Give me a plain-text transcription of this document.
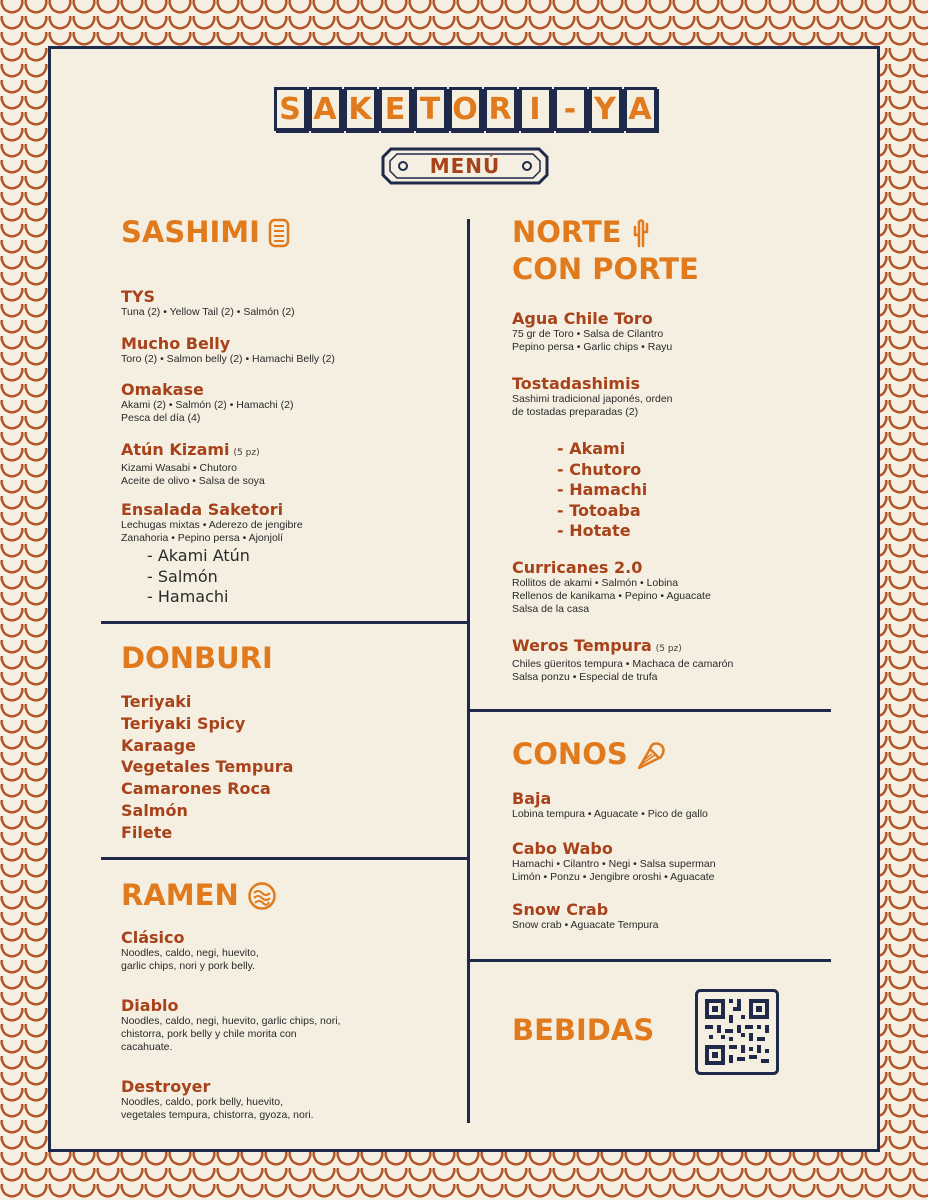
S A K E T O R I - Y A
MENÚ
SASHIMI
TYS
Tuna (2) • Yellow Tail (2) • Salmón (2)
Mucho Belly
Toro (2) • Salmon belly (2) • Hamachi Belly (2)
Omakase
Akami (2) • Salmón (2) • Hamachi (2)
Pesca del día (4)
Atún Kizami (5 pz)
Kizami Wasabi • Chutoro
Aceite de olivo • Salsa de soya
Ensalada Saketori
Lechugas mixtas • Aderezo de jengibre
Zanahoria • Pepino persa • Ajonjolí
- Akami Atún
- Salmón
- Hamachi
DONBURI
Teriyaki
Teriyaki Spicy
Karaage
Vegetales Tempura
Camarones Roca
Salmón
Filete
RAMEN
Clásico
Noodles, caldo, negi, huevito,
garlic chips, nori y pork belly.
Diablo
Noodles, caldo, negi, huevito, garlic chips, nori,
chistorra, pork belly y chile morita con
cacahuate.
Destroyer
Noodles, caldo, pork belly, huevito,
vegetales tempura, chistorra, gyoza, nori.
NORTE
CON PORTE
Agua Chile Toro
75 gr de Toro • Salsa de Cilantro
Pepino persa • Garlic chips • Rayu
Tostadashimis
Sashimi tradicional japonés, orden
de tostadas preparadas (2)
- Akami
- Chutoro
- Hamachi
- Totoaba
- Hotate
Curricanes 2.0
Rollitos de akami • Salmón • Lobina
Rellenos de kanikama • Pepino • Aguacate
Salsa de la casa
Weros Tempura (5 pz)
Chiles güeritos tempura • Machaca de camarón
Salsa ponzu • Especial de trufa
CONOS
Baja
Lobina tempura • Aguacate • Pico de gallo
Cabo Wabo
Hamachi • Cilantro • Negi • Salsa superman
Limón • Ponzu • Jengibre oroshi • Aguacate
Snow Crab
Snow crab • Aguacate Tempura
BEBIDAS
